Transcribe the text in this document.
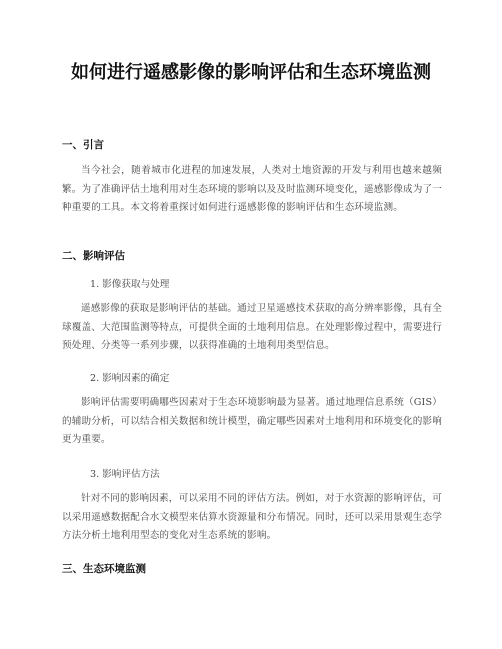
如何进行遥感影像的影响评估和生态环境监测
一、引言
当今社会，随着城市化进程的加速发展，人类对土地资源的开发与利用也越来越频繁。为了准确评估土地利用对生态环境的影响以及及时监测环境变化，遥感影像成为了一种重要的工具。本文将着重探讨如何进行遥感影像的影响评估和生态环境监测。
二、影响评估
1. 影像获取与处理
遥感影像的获取是影响评估的基础。通过卫星遥感技术获取的高分辨率影像，具有全球覆盖、大范围监测等特点，可提供全面的土地利用信息。在处理影像过程中，需要进行预处理、分类等一系列步骤，以获得准确的土地利用类型信息。
2. 影响因素的确定
影响评估需要明确哪些因素对于生态环境影响最为显著。通过地理信息系统（GIS）的辅助分析，可以结合相关数据和统计模型，确定哪些因素对土地利用和环境变化的影响更为重要。
3. 影响评估方法
针对不同的影响因素，可以采用不同的评估方法。例如，对于水资源的影响评估，可以采用遥感数据配合水文模型来估算水资源量和分布情况。同时，还可以采用景观生态学方法分析土地利用型态的变化对生态系统的影响。
三、生态环境监测
